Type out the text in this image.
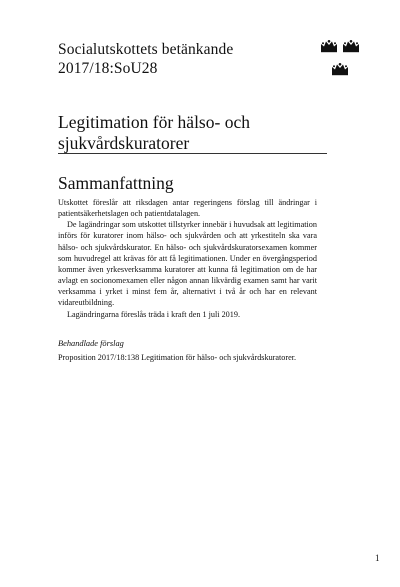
Socialutskottets betänkande
2017/18:SoU28
Legitimation för hälso- och
sjukvårdskuratorer
Sammanfattning

Utskottet föreslår att riksdagen antar regeringens förslag till ändringar i patientsäkerhetslagen och patientdatalagen.

De lagändringar som utskottet tillstyrker innebär i huvudsak att legitimation införs för kuratorer inom hälso- och sjukvården och att yrkestiteln ska vara hälso- och sjukvårdskurator. En hälso- och sjukvårdskuratorsexamen kommer som huvudregel att krävas för att få legitimationen. Under en övergångsperiod kommer även yrkesverksamma kuratorer att kunna få legitimation om de har avlagt en socionomexamen eller någon annan likvärdig examen samt har varit verksamma i yrket i minst fem år, alternativt i två år och har en relevant vidareutbildning.

Lagändringarna föreslås träda i kraft den 1 juli 2019.

Behandlade förslag
Proposition 2017/18:138 Legitimation för hälso- och sjukvårdskuratorer.
1
